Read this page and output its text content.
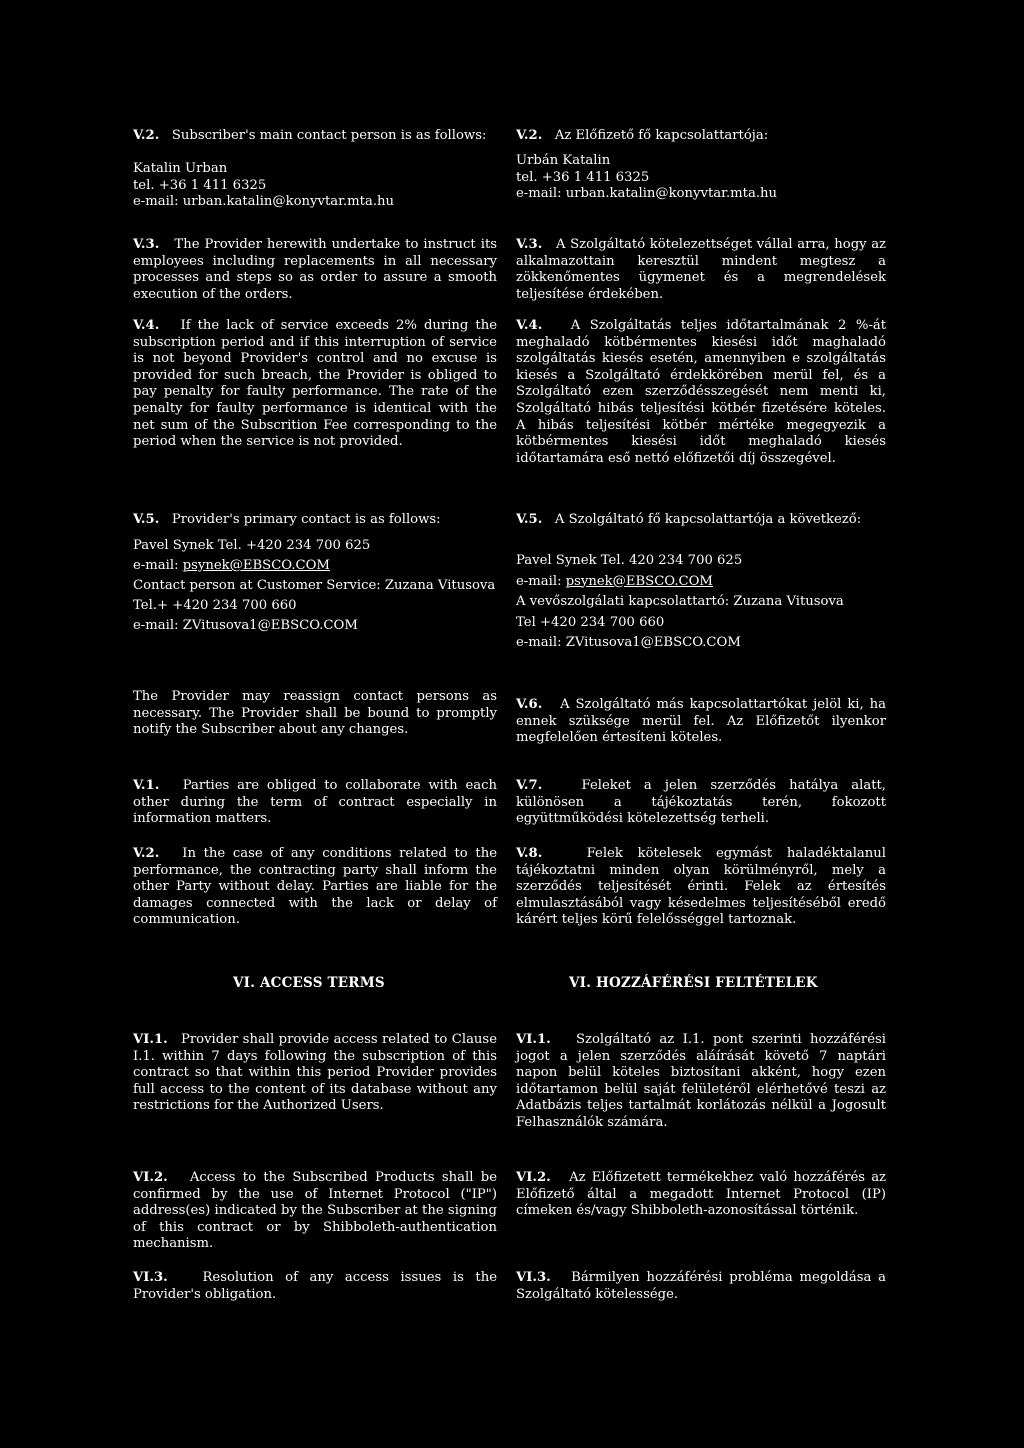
V.2. Subscriber's main contact person is as follows:
Katalin Urban
tel. +36 1 411 6325
e-mail: urban.katalin@konyvtar.mta.hu
V.3. The Provider herewith undertake to instruct its employees including replacements in all necessary processes and steps so as order to assure a smooth execution of the orders.
V.4. If the lack of service exceeds 2% during the subscription period and if this interruption of service is not beyond Provider's control and no excuse is provided for such breach, the Provider is obliged to pay penalty for faulty performance. The rate of the penalty for faulty performance is identical with the net sum of the Subscrition Fee corresponding to the period when the service is not provided.
V.5. Provider's primary contact is as follows:
Pavel Synek Tel. +420 234 700 625
e-mail: psynek@EBSCO.COM
Contact person at Customer Service: Zuzana Vitusova
Tel.+ +420 234 700 660
e-mail: ZVitusova1@EBSCO.COM
The Provider may reassign contact persons as necessary. The Provider shall be bound to promptly notify the Subscriber about any changes.
V.1. Parties are obliged to collaborate with each other during the term of contract especially in information matters.
V.2. In the case of any conditions related to the performance, the contracting party shall inform the other Party without delay. Parties are liable for the damages connected with the lack or delay of communication.
VI.1. Provider shall provide access related to Clause I.1. within 7 days following the subscription of this contract so that within this period Provider provides full access to the content of its database without any restrictions for the Authorized Users.
VI.2. Access to the Subscribed Products shall be confirmed by the use of Internet Protocol ("IP") address(es) indicated by the Subscriber at the signing of this contract or by Shibboleth-authentication mechanism.
VI.3.	Resolution of any access issues is the Provider's obligation.
VI. ACCESS TERMS
V.2. Az Előfizető fő kapcsolattartója:
Urbán Katalin
tel. +36 1 411 6325
e-mail: urban.katalin@konyvtar.mta.hu
V.3. A Szolgáltató kötelezettséget vállal arra, hogy az alkalmazottain keresztül mindent megtesz a zökkenőmentes ügymenet és a megrendelések teljesítése érdekében.
V.4. A Szolgáltatás teljes időtartalmának 2 %-át meghaladó kötbérmentes kiesési időt maghaladó szolgáltatás kiesés esetén, amennyiben e szolgáltatás kiesés a Szolgáltató érdekkörében merül fel, és a Szolgáltató ezen szerződésszegését nem menti ki, Szolgáltató hibás teljesítési kötbér fizetésére köteles. A hibás teljesítési kötbér mértéke megegyezik a kötbérmentes kiesési időt meghaladó kiesés időtartamára eső nettó előfizetői díj összegével.
V.5. A Szolgáltató fő kapcsolattartója a következő:
Pavel Synek Tel. 420 234 700 625
e-mail: psynek@EBSCO.COM
A vevőszolgálati kapcsolattartó: Zuzana Vitusova
Tel +420 234 700 660
e-mail: ZVitusova1@EBSCO.COM
V.6. A Szolgáltató más kapcsolattartókat jelöl ki, ha ennek szüksége merül fel. Az Előfizetőt ilyenkor megfelelően értesíteni köteles.
V.7.	Feleket a jelen szerződés hatálya alatt, különösen a tájékoztatás terén, fokozott együttműködési kötelezettség terheli.
V.8.	Felek kötelesek egymást haladéktalanul tájékoztatni minden olyan körülményről, mely a szerződés teljesítését érinti. Felek az értesítés elmulasztásából vagy késedelmes teljesítéséből eredő kárért teljes körű felelősséggel tartoznak.
VI.1. Szolgáltató az I.1. pont szerinti hozzáférési jogot a jelen szerződés aláírását követő 7 naptári napon belül köteles biztosítani akként, hogy ezen időtartamon belül saját felületéről elérhetővé teszi az Adatbázis teljes tartalmát korlátozás nélkül a Jogosult Felhasználók számára.
VI.2. Az Előfizetett termékekhez való hozzáférés az Előfizető által a megadott Internet Protocol (IP) címeken és/vagy Shibboleth-azonosítással történik.
VI.3. Bármilyen hozzáférési probléma megoldása a Szolgáltató kötelessége.
VI. HOZZÁFÉRÉSI FELTÉTELEK
